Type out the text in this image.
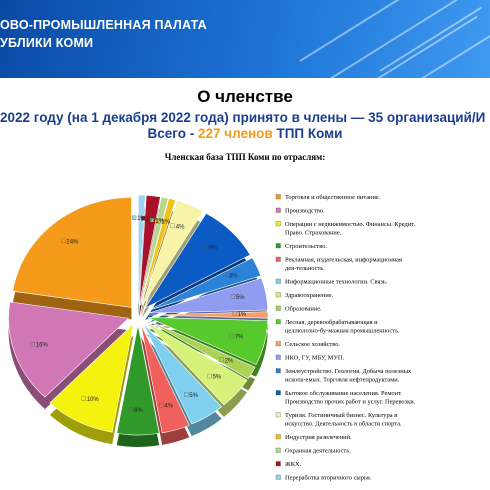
ОВО-ПРОМЫШЛЕННАЯ ПАЛАТА
УБЛИКИ КОМИ
О членстве
2022 году (на 1 декабря 2022 года) принято в члены — 35 организаций/И
Всего - 227 членов ТПП Коми
Членская база ТПП Коми по отраслям:
24%
16%
10%
6%
4%
5%
5%
2%
7%
1%
5%
3%
9%
4%
1%
1%
2%
1%
Торговля и общественное питание.
Производство.
Операции с недвижимостью. Финансы. Кредит.
Право. Страхование.
Строительство.
Рекламная, издательская, информационная
дея-тельность.
Информационные технологии. Связь.
Здравоохранение.
Образование.
Лесная, деревообрабатывающая и
целлюлозно-бу-мажная промышленность.
Сельское хозяйство.
НКО, ГУ, МБУ, МУП.
Землеустройство. Геология. Добыча полезных
ископа-емых. Торговля нефтепродуктами.
Бытовое обслуживание населения. Ремонт.
Производство прочих работ и услуг. Перевозки.
Туризм. Гостиничный бизнес. Культура и
искусство. Деятельность в области спорта.
Индустрия развлечений.
Охранная деятельность.
ЖКХ.
Переработка вторичного сырья.
